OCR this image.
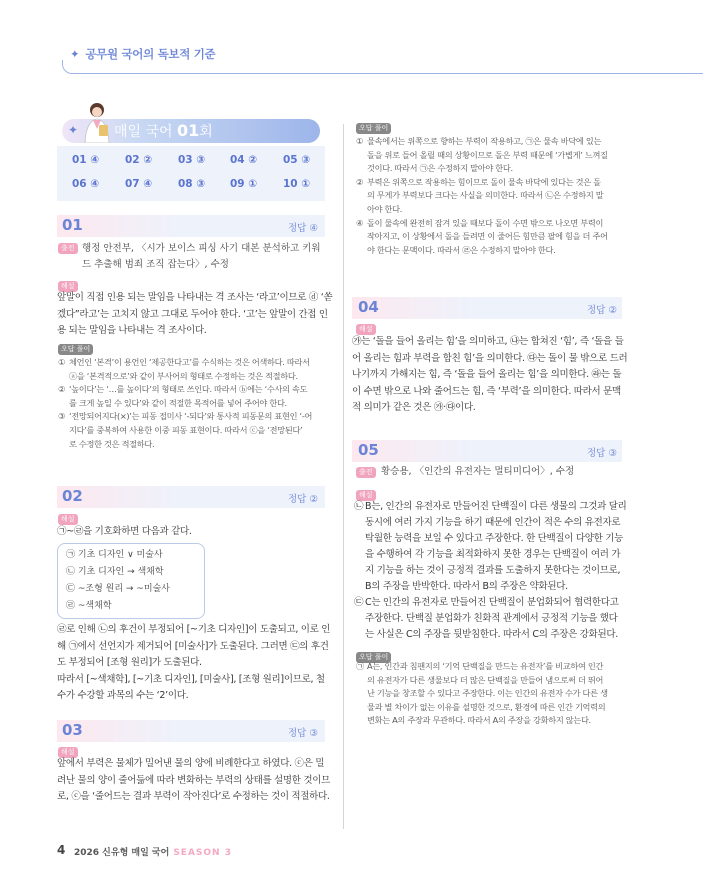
✦ 공무원 국어의 독보적 기준
✦	매일 국어 01회
01 ④	02 ②	03 ③	04 ②	05 ③
06 ④	07 ④	08 ③	09 ①	10 ①
01	정답 ④
출전 행정 안전부, 〈시가 보이스 피싱 사기 대본 분석하고 키워드 추출해 범죄 조직 잡는다〉, 수정
해설
앞말이 직접 인용 되는 말임을 나타내는 격 조사는 ‘라고’이므로 ⓓ ‘쏟
겠다”라고’는 고치지 않고 그대로 두어야 한다. ‘고’는 앞말이 간접 인
용 되는 말임을 나타내는 격 조사이다.
오답 풀이
① 체언인 ‘본격’이 용언인 ‘제공한다고’를 수식하는 것은 어색하다. 따라서
ⓐ을 ‘본격적으로’와 같이 부사어의 형태로 수정하는 것은 적절하다.
② ‘높이다’는 ‘…를 높이다’의 형태로 쓰인다. 따라서 ⓑ에는 ‘수사의 속도
를 크게 높일 수 있다’와 같이 적절한 목적어를 넣어 주어야 한다.
③ ‘전망되어지다(×)’는 피동 접미사 ‘-되다’와 통사적 피동문의 표현인 ‘-어
지다’를 중복하여 사용한 이중 피동 표현이다. 따라서 ⓒ을 ‘전망된다’
로 수정한 것은 적절하다.
02	정답 ②
해설
㉠~㉣을 기호화하면 다음과 같다.
㉠ 기초 디자인 ∨ 미술사
㉡ 기초 디자인 → 색채학
㉢ ~조형 원리 → ~미술사
㉣ ~색채학
㉣로 인해 ㉡의 후건이 부정되어 [~기초 디자인]이 도출되고, 이로 인
해 ㉠에서 선언지가 제거되어 [미술사]가 도출된다. 그러면 ㉢의 후건
도 부정되어 [조형 원리]가 도출된다.
따라서 [~색채학], [~기초 디자인], [미술사], [조형 원리]이므로, 철
수가 수강할 과목의 수는 ‘2’이다.
03	정답 ③
해설
앞에서 부력은 물체가 밀어낸 물의 양에 비례한다고 하였다. ⓒ은 밀
려난 물의 양이 줄어듦에 따라 변화하는 부력의 상태를 설명한 것이므
로, ⓒ을 ‘줄어드는 결과 부력이 작아진다’로 수정하는 것이 적절하다.
오답 풀이
① 물속에서는 위쪽으로 향하는 부력이 작용하고, ㉠은 물속 바닥에 있는
돌을 위로 들어 올릴 때의 상황이므로 돌은 부력 때문에 ‘가볍게’ 느껴질
것이다. 따라서 ㉠은 수정하지 말아야 한다.
② 부력은 위쪽으로 작용하는 힘이므로 돌이 물속 바닥에 있다는 것은 돌
의 무게가 부력보다 크다는 사실을 의미한다. 따라서 ㉡은 수정하지 말
아야 한다.
④ 돌이 물속에 완전히 잠겨 있을 때보다 돌이 수면 밖으로 나오면 부력이
작아지고, 이 상황에서 돌을 들려면 이 줄어든 힘만큼 팔에 힘을 더 주어
야 한다는 문맥이다. 따라서 ㉣은 수정하지 말아야 한다.
04	정답 ②
해설
㉮는 ‘돌을 들어 올리는 힘’을 의미하고, ㉯는 합쳐진 ‘힘’, 즉 ‘돌을 들
어 올리는 힘과 부력을 합친 힘’을 의미한다. ㉰는 돌이 물 밖으로 드러
나기까지 가해지는 힘, 즉 ‘돌을 들어 올리는 힘’을 의미한다. ㉱는 돌
이 수면 밖으로 나와 줄어드는 힘, 즉 ‘부력’을 의미한다. 따라서 문맥
적 의미가 같은 것은 ㉮·㉰이다.
05	정답 ③
출전 황승용, 〈인간의 유전자는 멀티미디어〉, 수정
해설
㉡ B는, 인간의 유전자로 만들어진 단백질이 다른 생물의 그것과 달리
동시에 여러 가지 기능을 하기 때문에 인간이 적은 수의 유전자로
탁월한 능력을 보일 수 있다고 주장한다. 한 단백질이 다양한 기능
을 수행하여 각 기능을 최적화하지 못한 경우는 단백질이 여러 가
지 기능을 하는 것이 긍정적 결과를 도출하지 못한다는 것이므로,
B의 주장을 반박한다. 따라서 B의 주장은 약화된다.
㉢ C는 인간의 유전자로 만들어진 단백질이 분업화되어 협력한다고
주장한다. 단백질 분업화가 친화적 관계에서 긍정적 기능을 했다
는 사실은 C의 주장을 뒷받침한다. 따라서 C의 주장은 강화된다.
오답 풀이
㉠ A는, 인간과 침팬지의 ‘기억 단백질을 만드는 유전자’를 비교하여 인간
의 유전자가 다른 생물보다 더 많은 단백질을 만들어 냄으로써 더 뛰어
난 기능을 창조할 수 있다고 주장한다. 이는 인간의 유전자 수가 다른 생
물과 별 차이가 없는 이유를 설명한 것으로, 환경에 따른 인간 기억력의
변화는 A의 주장과 무관하다. 따라서 A의 주장을 강화하지 않는다.
4 2026 신유형 매일 국어 SEASON 3
